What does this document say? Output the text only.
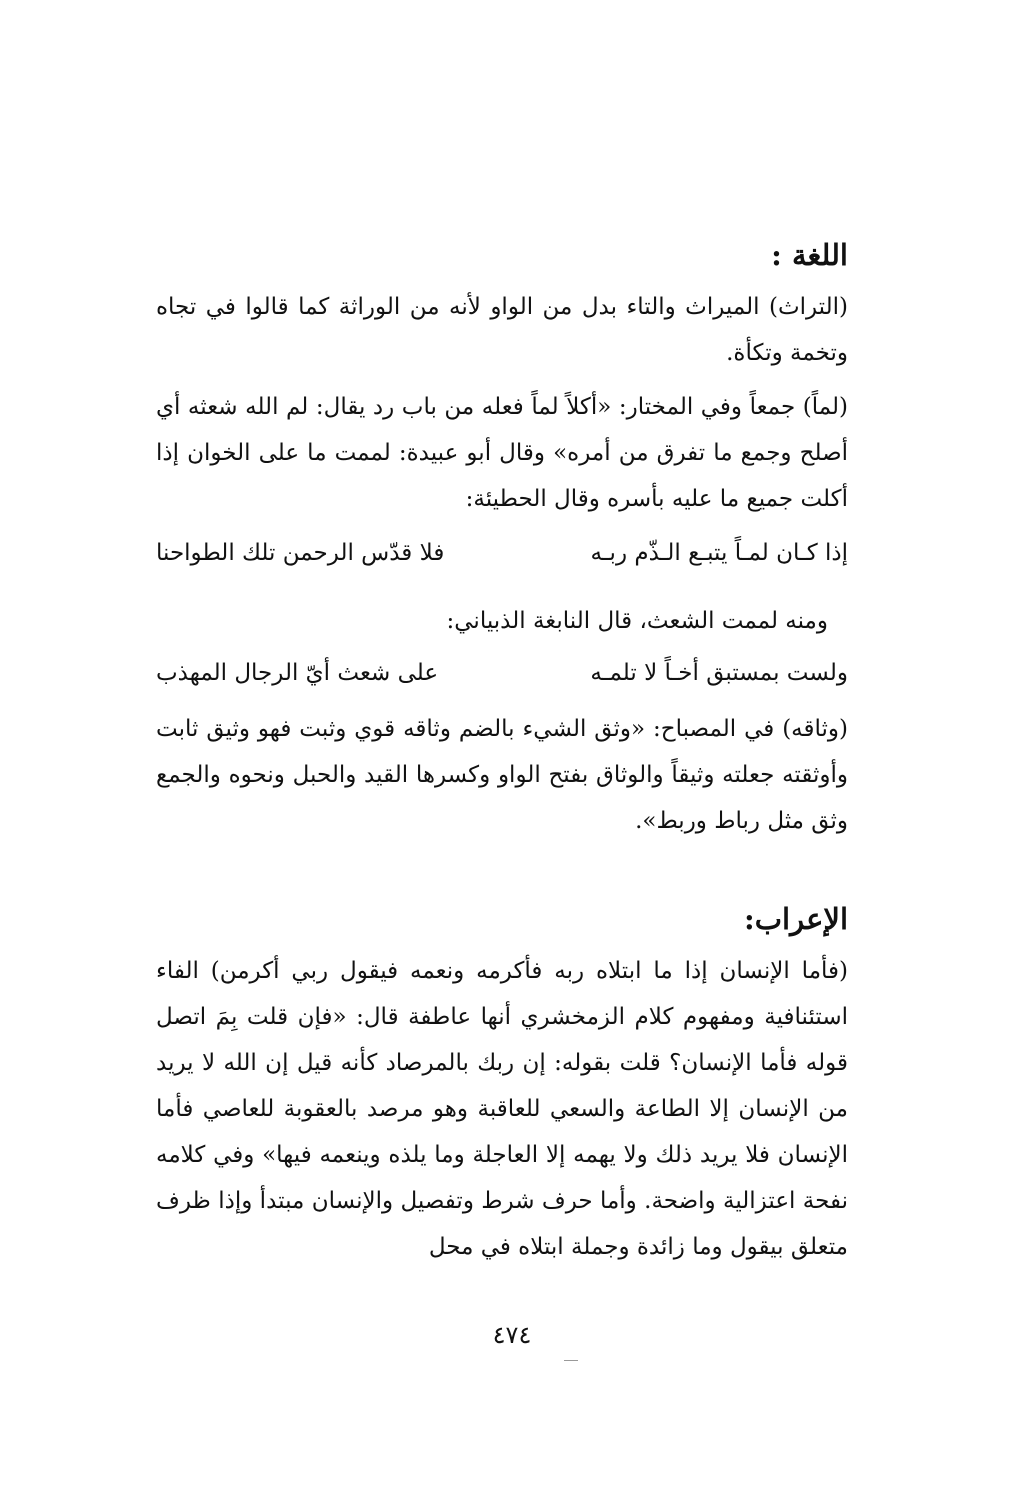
اللغة :

(التراث) الميراث والتاء بدل من الواو لأنه من الوراثة كما قالوا في تجاه وتخمة وتكأة.

(لماً) جمعاً وفي المختار: «أكلاً لماً فعله من باب رد يقال: لم الله شعثه أي أصلح وجمع ما تفرق من أمره» وقال أبو عبيدة: لممت ما على الخوان إذا أكلت جميع ما عليه بأسره وقال الحطيئة:

إذا كـان لمـاً يتبـع الـذّم ربـه
فلا قدّس الرحمن تلك الطواحنا

ومنه لممت الشعث، قال النابغة الذبياني:

ولست بمستبق أخـاً لا تلمـه
على شعث أيّ الرجال المهذب

(وثاقه) في المصباح: «وثق الشيء بالضم وثاقه قوي وثبت فهو وثيق ثابت وأوثقته جعلته وثيقاً والوثاق بفتح الواو وكسرها القيد والحبل ونحوه والجمع وثق مثل رباط وربط».

الإعراب:

(فأما الإنسان إذا ما ابتلاه ربه فأكرمه ونعمه فيقول ربي أكرمن) الفاء استئنافية ومفهوم كلام الزمخشري أنها عاطفة قال: «فإن قلت بِمَ اتصل قوله فأما الإنسان؟ قلت بقوله: إن ربك بالمرصاد كأنه قيل إن الله لا يريد من الإنسان إلا الطاعة والسعي للعاقبة وهو مرصد بالعقوبة للعاصي فأما الإنسان فلا يريد ذلك ولا يهمه إلا العاجلة وما يلذه وينعمه فيها» وفي كلامه نفحة اعتزالية واضحة. وأما حرف شرط وتفصيل والإنسان مبتدأ وإذا ظرف متعلق بيقول وما زائدة وجملة ابتلاه في محل

٤٧٤
